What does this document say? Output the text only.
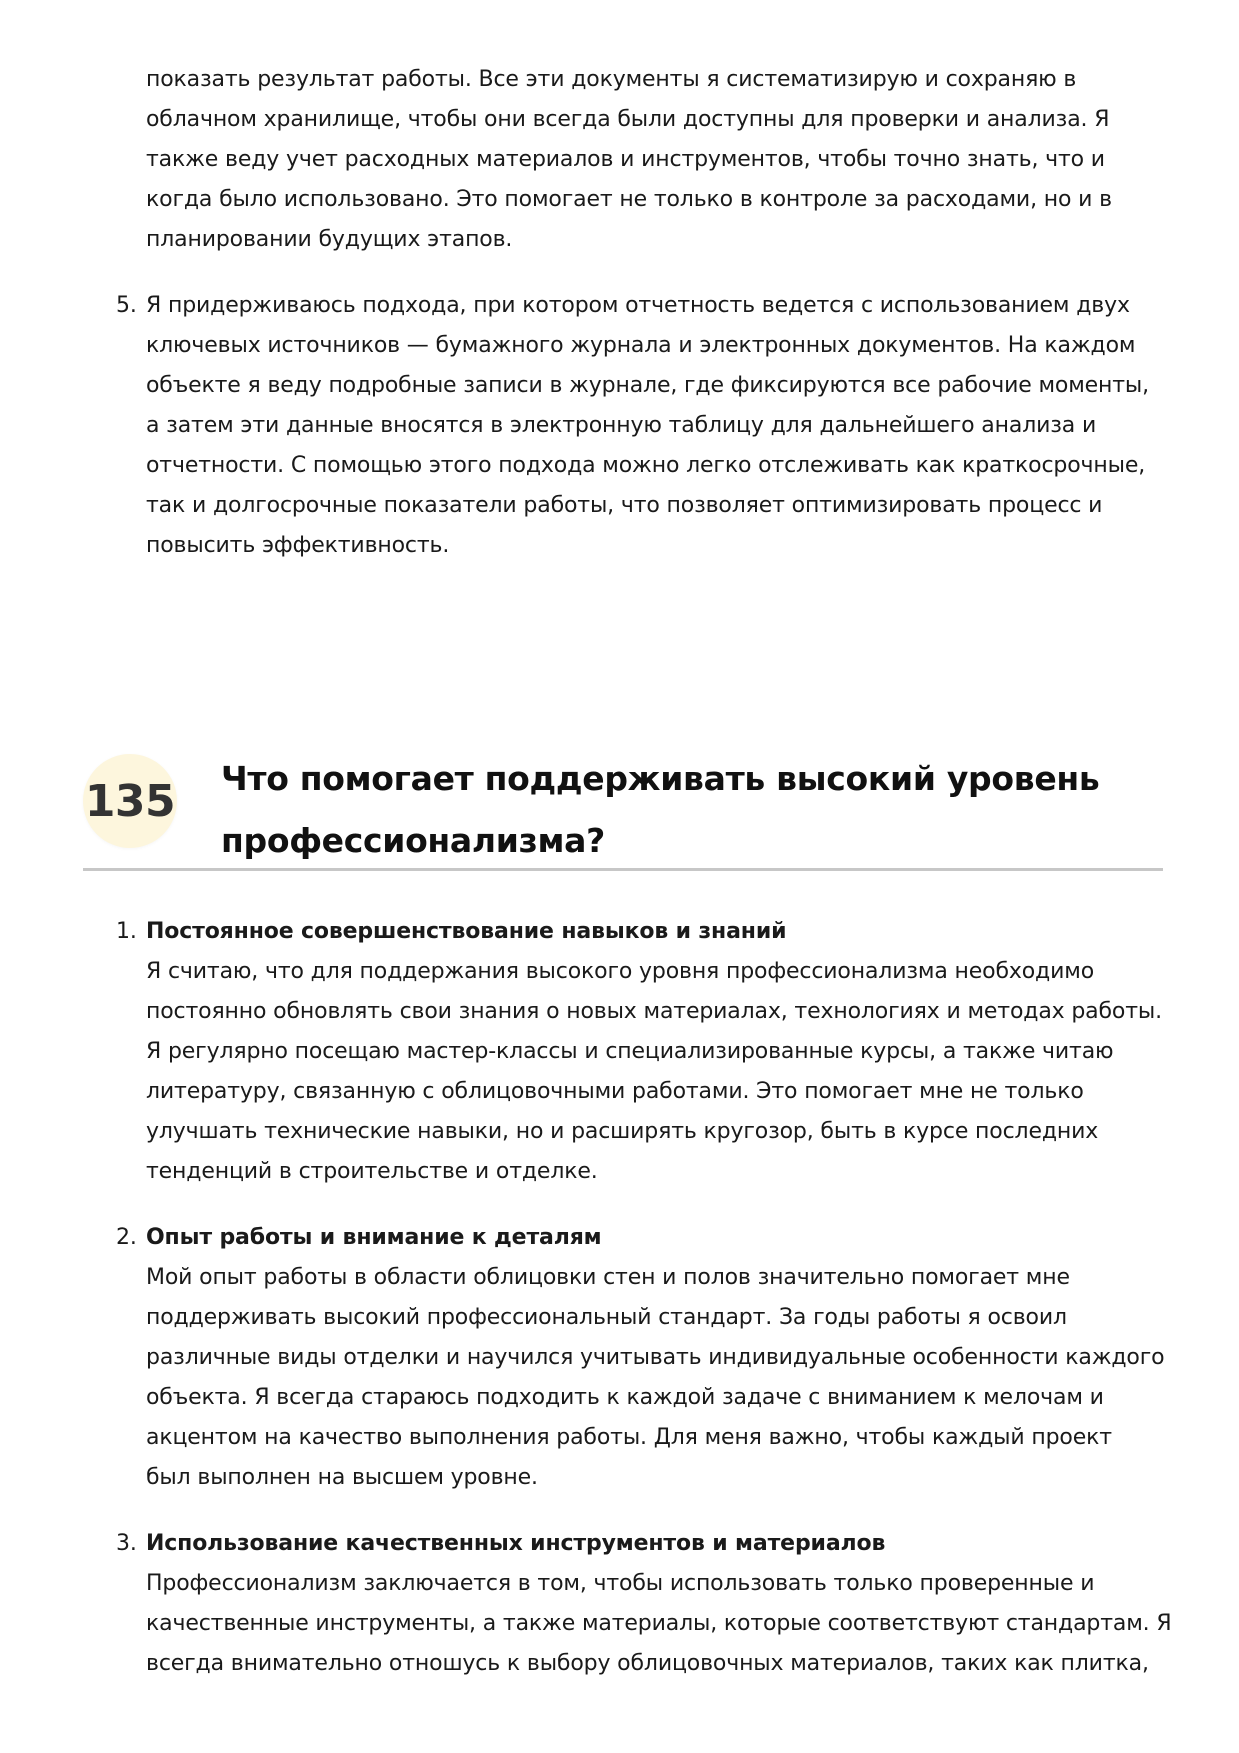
показать результат работы. Все эти документы я систематизирую и сохраняю в
облачном хранилище, чтобы они всегда были доступны для проверки и анализа. Я
также веду учет расходных материалов и инструментов, чтобы точно знать, что и
когда было использовано. Это помогает не только в контроле за расходами, но и в
планировании будущих этапов.

5. Я придерживаюсь подхода, при котором отчетность ведется с использованием двух
ключевых источников — бумажного журнала и электронных документов. На каждом
объекте я веду подробные записи в журнале, где фиксируются все рабочие моменты,
а затем эти данные вносятся в электронную таблицу для дальнейшего анализа и
отчетности. С помощью этого подхода можно легко отслеживать как краткосрочные,
так и долгосрочные показатели работы, что позволяет оптимизировать процесс и
повысить эффективность.

135 Что помогает поддерживать высокий уровень
профессионализма?
1. Постоянное совершенствование навыков и знаний
Я считаю, что для поддержания высокого уровня профессионализма необходимо
постоянно обновлять свои знания о новых материалах, технологиях и методах работы.
Я регулярно посещаю мастер-классы и специализированные курсы, а также читаю
литературу, связанную с облицовочными работами. Это помогает мне не только
улучшать технические навыки, но и расширять кругозор, быть в курсе последних
тенденций в строительстве и отделке.

2. Опыт работы и внимание к деталям
Мой опыт работы в области облицовки стен и полов значительно помогает мне
поддерживать высокий профессиональный стандарт. За годы работы я освоил
различные виды отделки и научился учитывать индивидуальные особенности каждого
объекта. Я всегда стараюсь подходить к каждой задаче с вниманием к мелочам и
акцентом на качество выполнения работы. Для меня важно, чтобы каждый проект
был выполнен на высшем уровне.

3. Использование качественных инструментов и материалов
Профессионализм заключается в том, чтобы использовать только проверенные и
качественные инструменты, а также материалы, которые соответствуют стандартам. Я
всегда внимательно отношусь к выбору облицовочных материалов, таких как плитка,
